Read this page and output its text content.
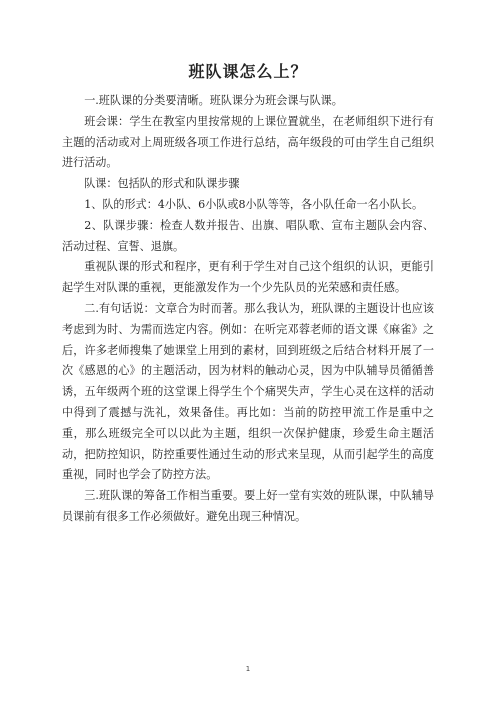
班队课怎么上？

一.班队课的分类要清晰。班队课分为班会课与队课。

班会课：学生在教室内里按常规的上课位置就坐，在老师组织下进行有主题的活动或对上周班级各项工作进行总结，高年级段的可由学生自己组织进行活动。

队课：包括队的形式和队课步骤

1、队的形式：4小队、6小队或8小队等等，各小队任命一名小队长。

2、队课步骤：检查人数并报告、出旗、唱队歌、宣布主题队会内容、活动过程、宣誓、退旗。

重视队课的形式和程序，更有利于学生对自己这个组织的认识，更能引起学生对队课的重视，更能激发作为一个少先队员的光荣感和责任感。

二.有句话说：文章合为时而著。那么我认为，班队课的主题设计也应该考虑到为时、为需而选定内容。例如：在听完邓蓉老师的语文课《麻雀》之后，许多老师搜集了她课堂上用到的素材，回到班级之后结合材料开展了一次《感恩的心》的主题活动，因为材料的触动心灵，因为中队辅导员循循善诱，五年级两个班的这堂课上得学生个个痛哭失声，学生心灵在这样的活动中得到了震撼与洗礼，效果备佳。再比如：当前的防控甲流工作是重中之重，那么班级完全可以以此为主题，组织一次保护健康，珍爱生命主题活动，把防控知识，防控重要性通过生动的形式来呈现，从而引起学生的高度重视，同时也学会了防控方法。

三.班队课的筹备工作相当重要。要上好一堂有实效的班队课，中队辅导员课前有很多工作必须做好。避免出现三种情况。

1
